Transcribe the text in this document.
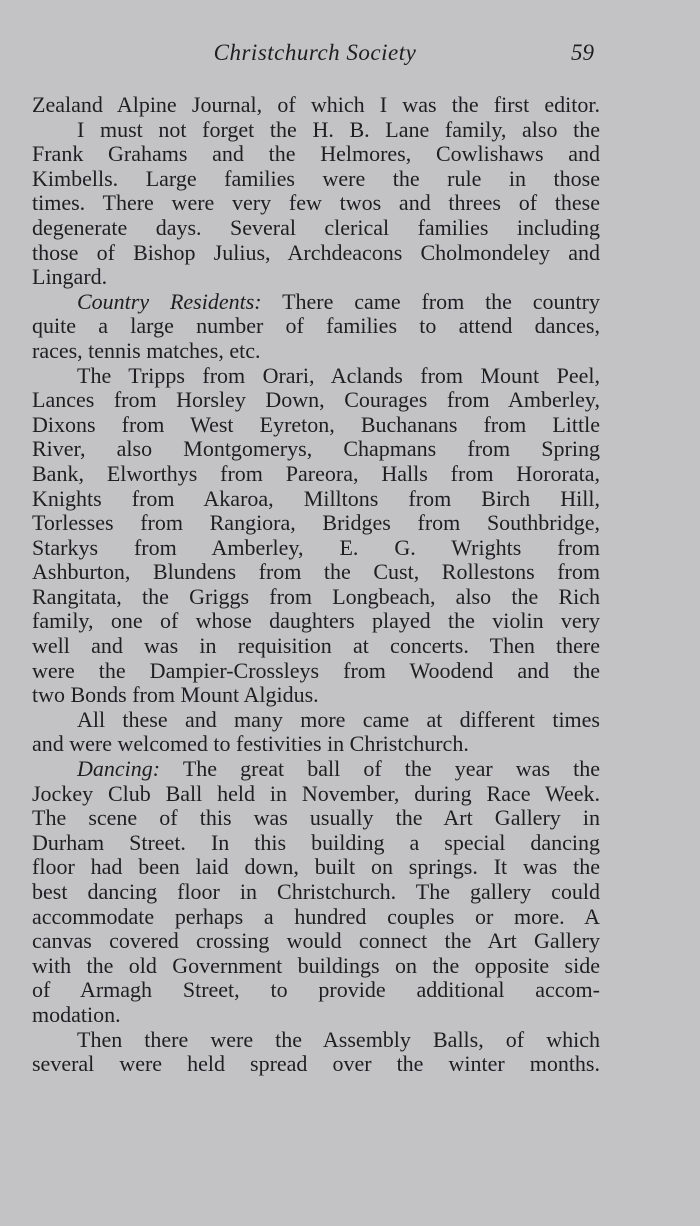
Christchurch Society	59
Zealand Alpine Journal, of which I was the first editor.
I must not forget the H. B. Lane family, also the
Frank Grahams and the Helmores, Cowlishaws and
Kimbells. Large families were the rule in those
times. There were very few twos and threes of these
degenerate days. Several clerical families including
those of Bishop Julius, Archdeacons Cholmondeley and
Lingard.
Country Residents: There came from the country
quite a large number of families to attend dances,
races, tennis matches, etc.
The Tripps from Orari, Aclands from Mount Peel,
Lances from Horsley Down, Courages from Amberley,
Dixons from West Eyreton, Buchanans from Little
River, also Montgomerys, Chapmans from Spring
Bank, Elworthys from Pareora, Halls from Hororata,
Knights from Akaroa, Milltons from Birch Hill,
Torlesses from Rangiora, Bridges from Southbridge,
Starkys from Amberley, E. G. Wrights from
Ashburton, Blundens from the Cust, Rollestons from
Rangitata, the Griggs from Longbeach, also the Rich
family, one of whose daughters played the violin very
well and was in requisition at concerts. Then there
were the Dampier-Crossleys from Woodend and the
two Bonds from Mount Algidus.
All these and many more came at different times
and were welcomed to festivities in Christchurch.
Dancing: The great ball of the year was the
Jockey Club Ball held in November, during Race Week.
The scene of this was usually the Art Gallery in
Durham Street. In this building a special dancing
floor had been laid down, built on springs. It was the
best dancing floor in Christchurch. The gallery could
accommodate perhaps a hundred couples or more. A
canvas covered crossing would connect the Art Gallery
with the old Government buildings on the opposite side
of Armagh Street, to provide additional accom-
modation.
Then there were the Assembly Balls, of which
several were held spread over the winter months.
